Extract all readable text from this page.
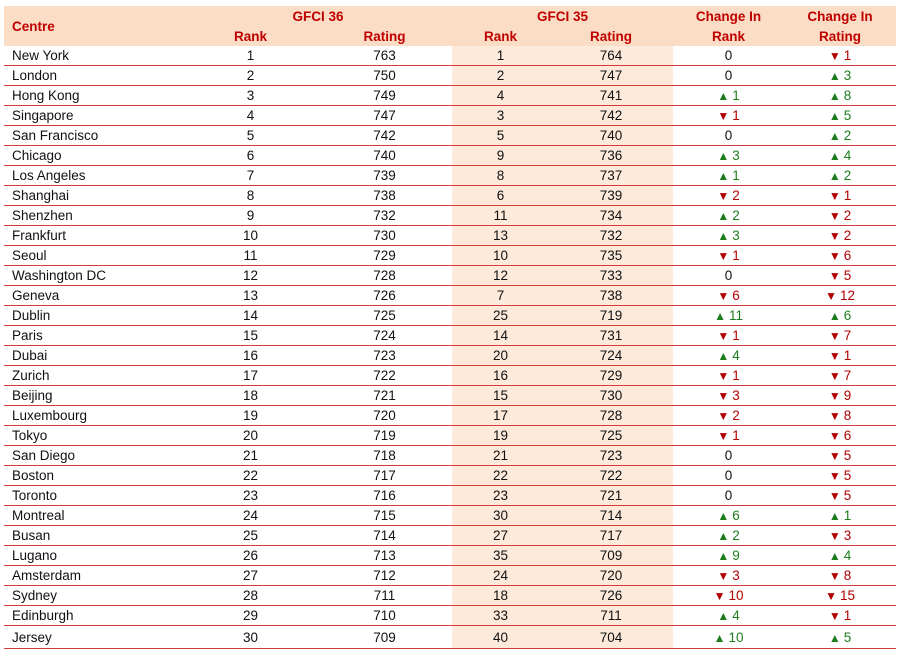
Centre	GFCI 36		GFCI 35		Change In	Change In
	Rank	Rating	Rank	Rating	Rank	Rating
New York	1	763	1	764	0	▼ 1
London	2	750	2	747	0	▲ 3
Hong Kong	3	749	4	741	▲ 1	▲ 8
Singapore	4	747	3	742	▼ 1	▲ 5
San Francisco	5	742	5	740	0	▲ 2
Chicago	6	740	9	736	▲ 3	▲ 4
Los Angeles	7	739	8	737	▲ 1	▲ 2
Shanghai	8	738	6	739	▼ 2	▼ 1
Shenzhen	9	732	11	734	▲ 2	▼ 2
Frankfurt	10	730	13	732	▲ 3	▼ 2
Seoul	11	729	10	735	▼ 1	▼ 6
Washington DC	12	728	12	733	0	▼ 5
Geneva	13	726	7	738	▼ 6	▼ 12
Dublin	14	725	25	719	▲ 11	▲ 6
Paris	15	724	14	731	▼ 1	▼ 7
Dubai	16	723	20	724	▲ 4	▼ 1
Zurich	17	722	16	729	▼ 1	▼ 7
Beijing	18	721	15	730	▼ 3	▼ 9
Luxembourg	19	720	17	728	▼ 2	▼ 8
Tokyo	20	719	19	725	▼ 1	▼ 6
San Diego	21	718	21	723	0	▼ 5
Boston	22	717	22	722	0	▼ 5
Toronto	23	716	23	721	0	▼ 5
Montreal	24	715	30	714	▲ 6	▲ 1
Busan	25	714	27	717	▲ 2	▼ 3
Lugano	26	713	35	709	▲ 9	▲ 4
Amsterdam	27	712	24	720	▼ 3	▼ 8
Sydney	28	711	18	726	▼ 10	▼ 15
Edinburgh	29	710	33	711	▲ 4	▼ 1
Jersey	30	709	40	704	▲ 10	▲ 5
